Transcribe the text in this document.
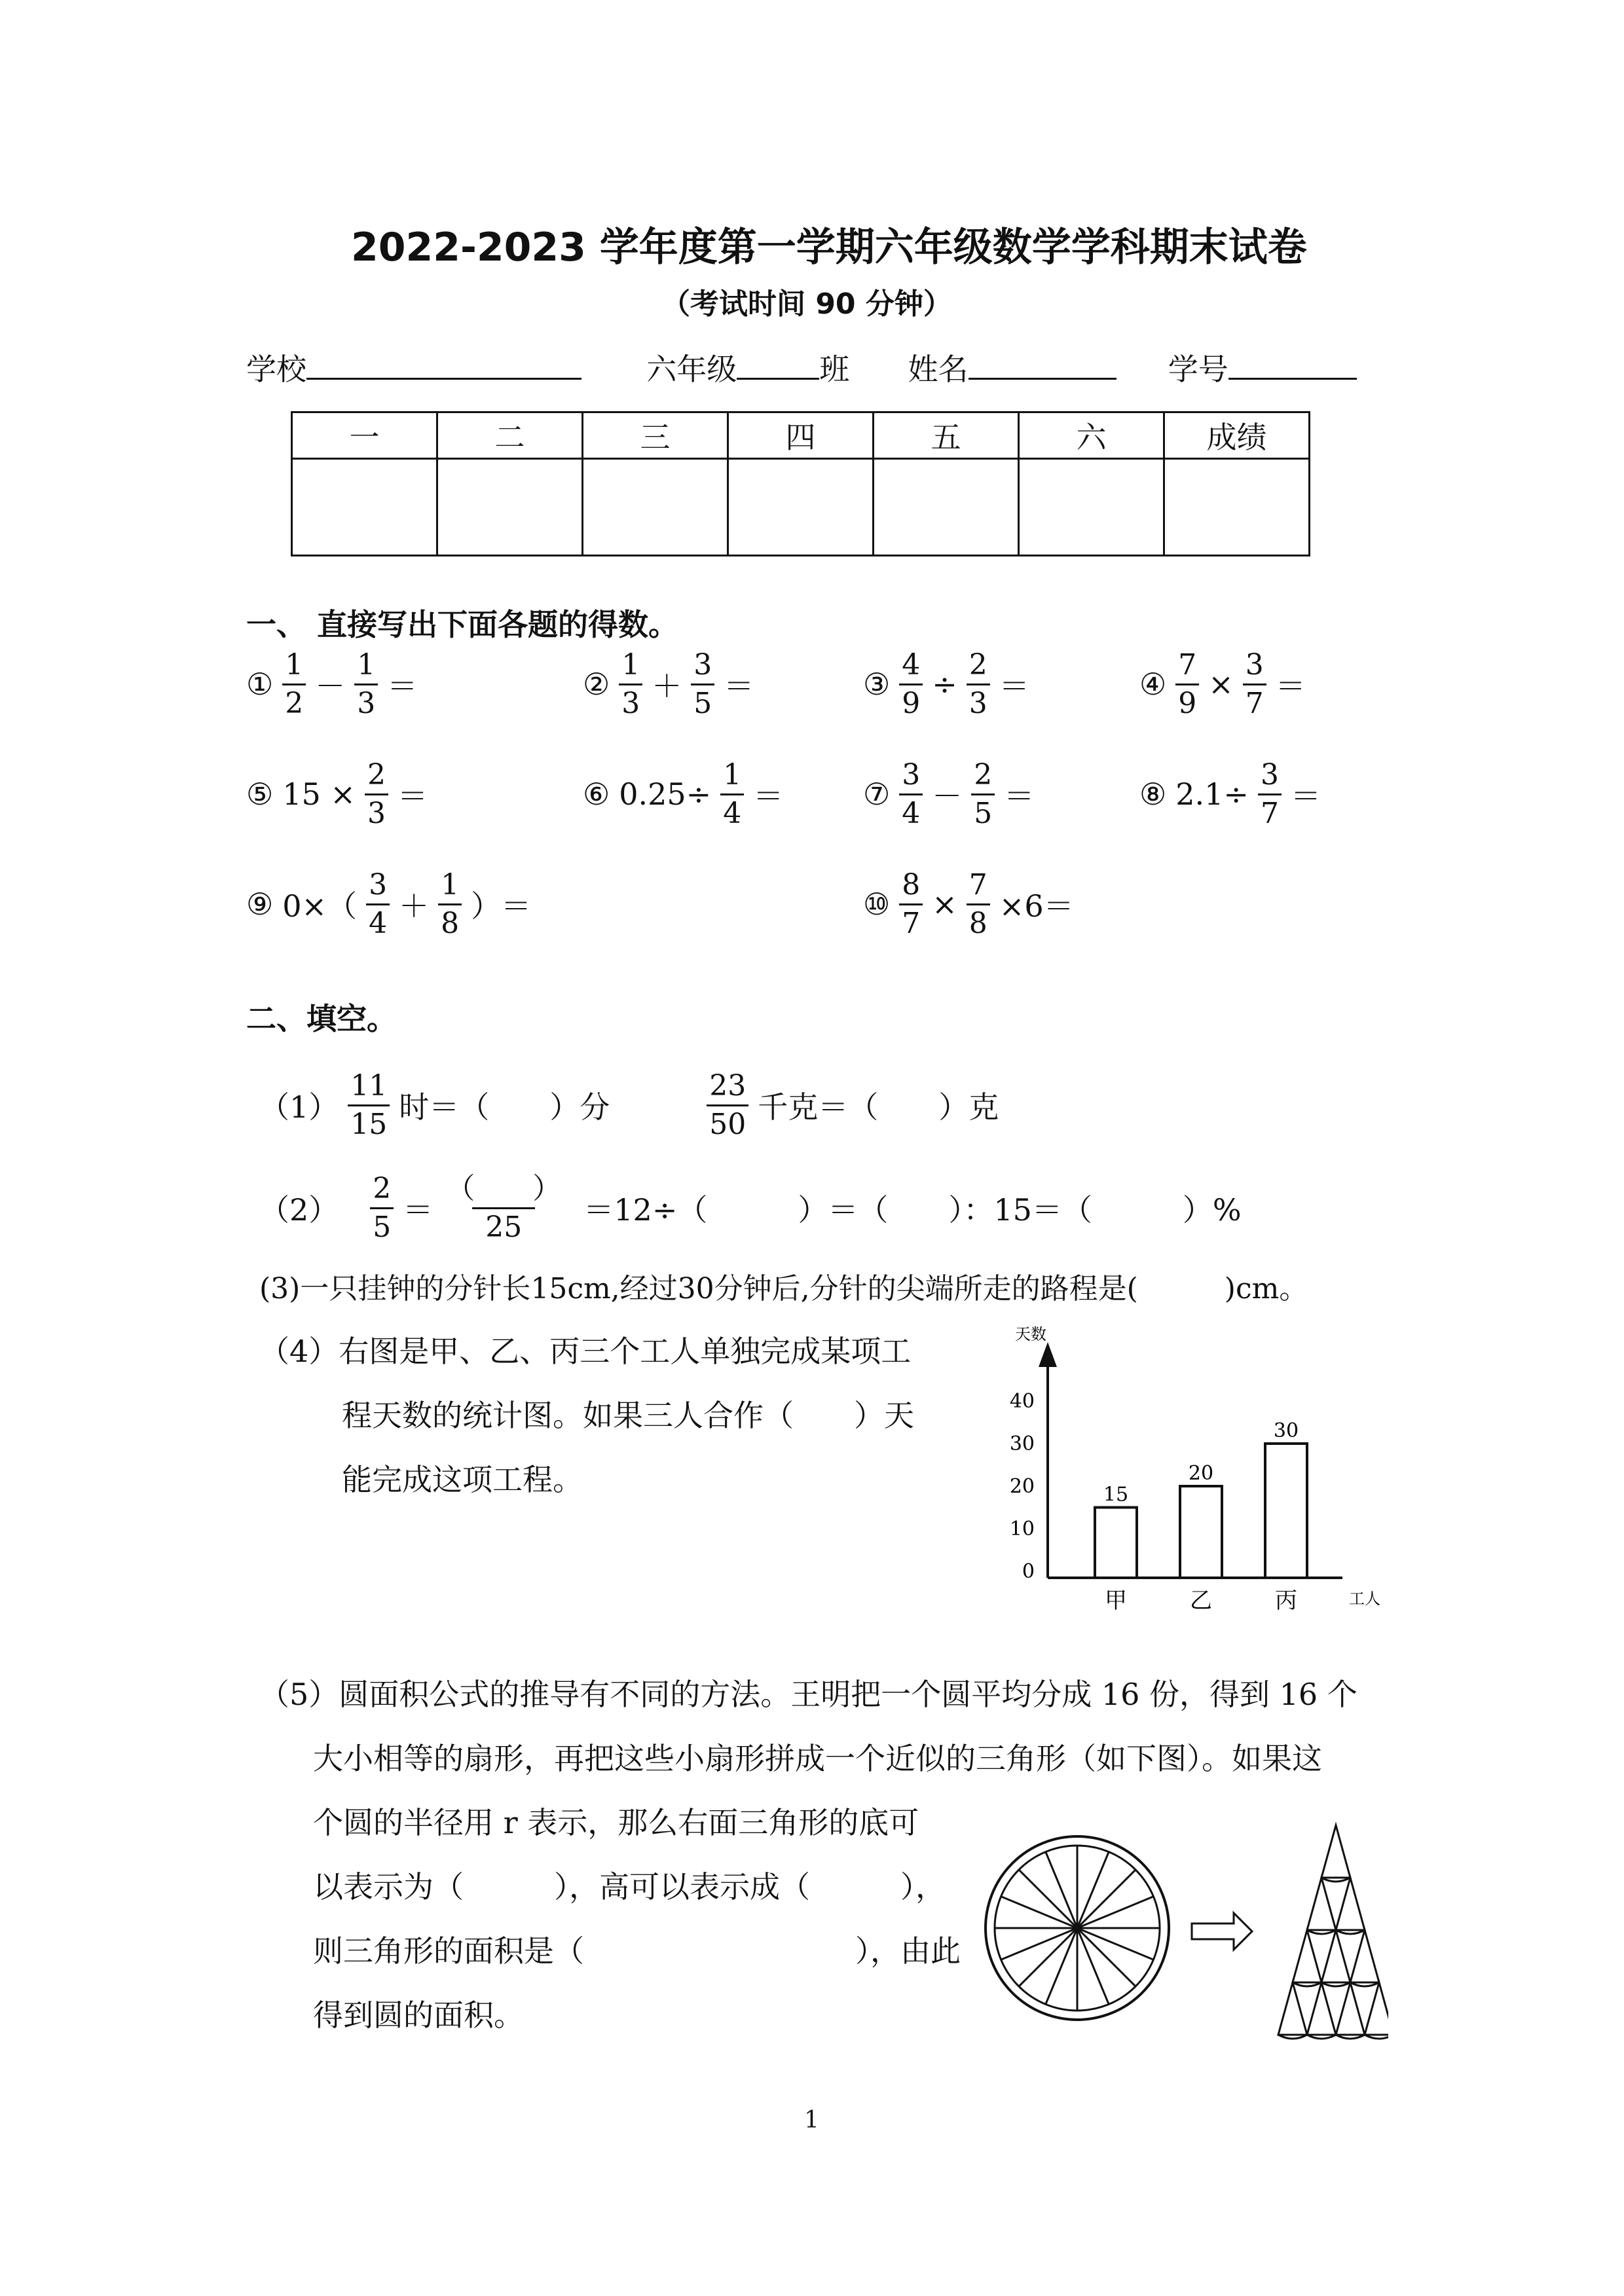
2022-2023 学年度第一学期六年级数学学科期末试卷
（考试时间 90 分钟）
学校	六年级	班 姓名	学号
一	二	三	四	五	六	成绩

一、 直接写出下面各题的得数。
① $\frac{1}{2} - \frac{1}{3}$ ＝	② $\frac{1}{3} + \frac{3}{5}$ ＝	③ $\frac{4}{9} \div \frac{2}{3}$ ＝	④ $\frac{7}{9} \times \frac{3}{7}$ ＝
⑤ $15 \times \frac{2}{3}$ ＝	⑥ $0.25\div \frac{1}{4}$ ＝	⑦ $\frac{3}{4} - \frac{2}{5}$ ＝	⑧ $2.1\div \frac{3}{7}$ ＝
⑨ $0\times( \frac{3}{4} + \frac{1}{8}$ ）＝	⑩ $\frac{8}{7} \times \frac{7}{8} \times 6=$
二、填空。
$(1) \frac{11}{15}$ 时＝（　　）分	$\frac{23}{50}$ 千克＝（　　）克
$(2) \frac{2}{5} = \frac{( )}{25} =12\div$（　　　）＝（　　）：15＝（　　　）%
(3)一只挂钟的分针长15cm,经过30分钟后,分针的尖端所走的路程是(　　　)cm。
（4）右图是甲、乙、丙三个工人单独完成某项工
程天数的统计图。如果三人合作（　　）天
能完成这项工程。
天数
工人
0
10
20
30
40
15
甲
20
乙
30
丙
（5）圆面积公式的推导有不同的方法。王明把一个圆平均分成 16 份，得到 16 个
大小相等的扇形，再把这些小扇形拼成一个近似的三角形（如下图）。如果这
个圆的半径用 r 表示，那么右面三角形的底可
以表示为（　　　），高可以表示成（　　　），
则三角形的面积是（　　　　　　　　　），由此
得到圆的面积。
1
